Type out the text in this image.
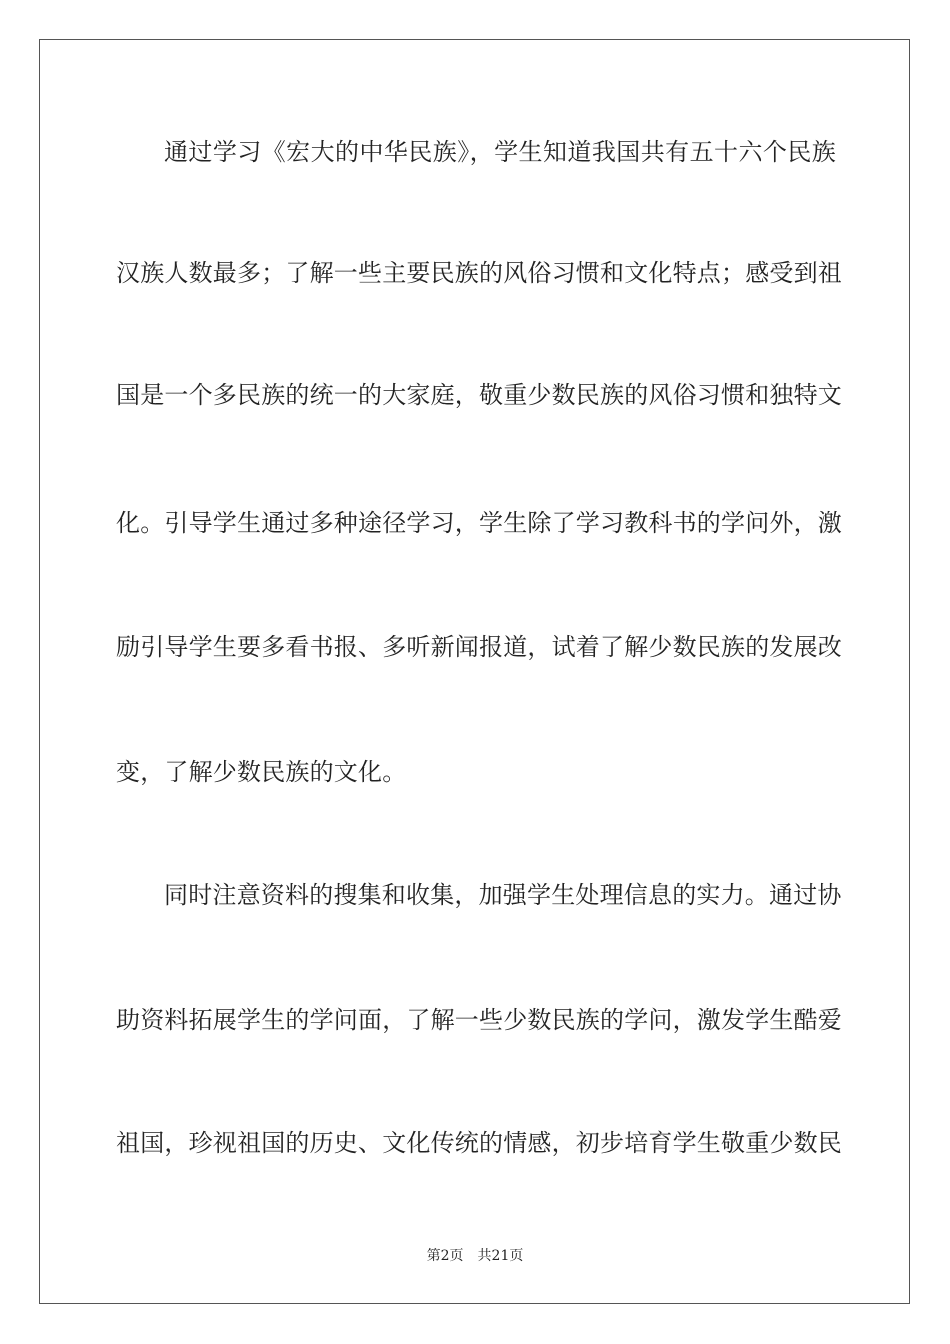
通过学习《宏大的中华民族》，学生知道我国共有五十六个民族
汉族人数最多；了解一些主要民族的风俗习惯和文化特点；感受到祖
国是一个多民族的统一的大家庭，敬重少数民族的风俗习惯和独特文
化。引导学生通过多种途径学习，学生除了学习教科书的学问外，激
励引导学生要多看书报、多听新闻报道，试着了解少数民族的发展改
变，了解少数民族的文化。
同时注意资料的搜集和收集，加强学生处理信息的实力。通过协
助资料拓展学生的学问面，了解一些少数民族的学问，激发学生酷爱
祖国，珍视祖国的历史、文化传统的情感，初步培育学生敬重少数民
第2页 共21页
